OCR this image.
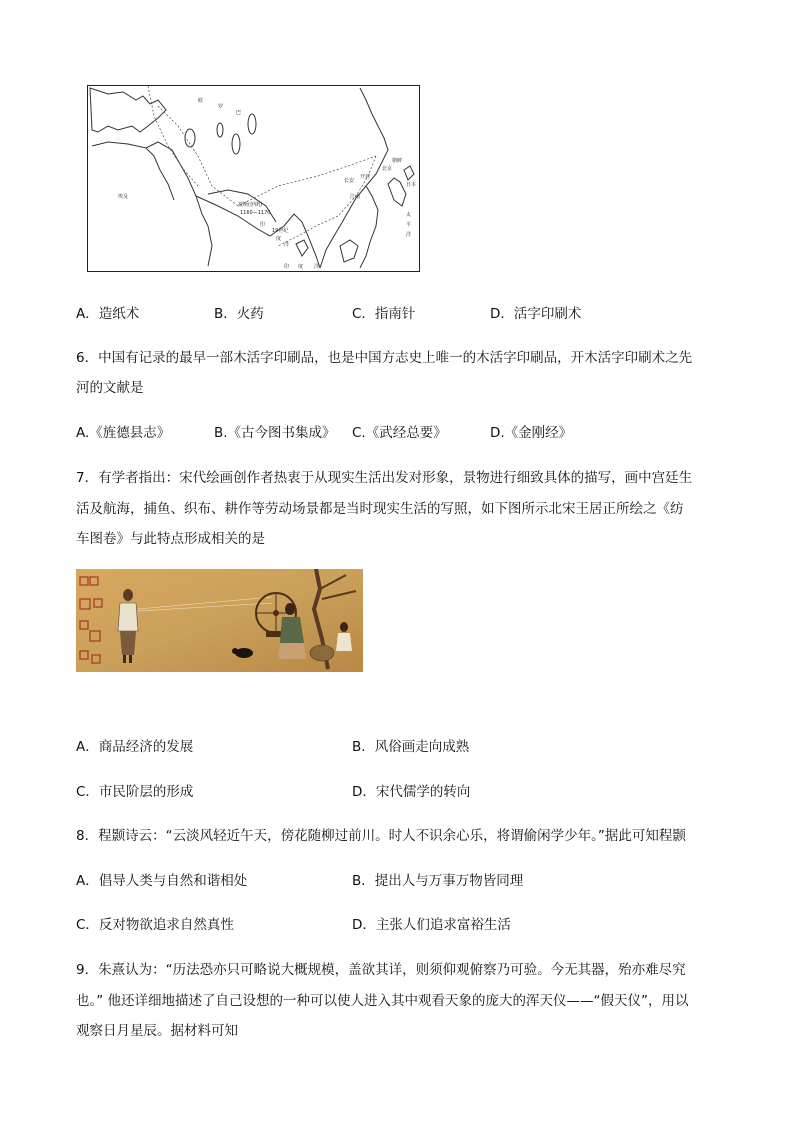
波斯(伊朗)
1160—1170
印
19世纪
度
洋
印 度 洋
欧
罗
巴
江南
北京
长安
开封
日本
朝鲜
太
平
洋
埃及
A．造纸术	B．火药	C．指南针	D．活字印刷术
6．中国有记录的最早一部木活字印刷品，也是中国方志史上唯一的木活字印刷品，开木活字印刷术之先
河的文献是
A.《旌德县志》	B.《古今图书集成》 C.《武经总要》	D.《金刚经》
7．有学者指出：宋代绘画创作者热衷于从现实生活出发对形象，景物进行细致具体的描写，画中宫廷生
活及航海，捕鱼、织布、耕作等劳动场景都是当时现实生活的写照，如下图所示北宋王居正所绘之《纺
车图卷》与此特点形成相关的是
A．商品经济的发展	B．风俗画走向成熟
C．市民阶层的形成	D．宋代儒学的转向
8．程颢诗云：“云淡风轻近午天，傍花随柳过前川。时人不识余心乐，将谓偷闲学少年。”据此可知程颢
A．倡导人类与自然和谐相处	B．提出人与万事万物皆同理
C．反对物欲追求自然真性	D．主张人们追求富裕生活
9．朱熹认为：“历法恐亦只可略说大概规模，盖欲其详，则须仰观俯察乃可验。今无其器，殆亦难尽究
也。” 他还详细地描述了自己设想的一种可以使人进入其中观看天象的庞大的浑天仪——“假天仪”，用以
观察日月星辰。据材料可知
